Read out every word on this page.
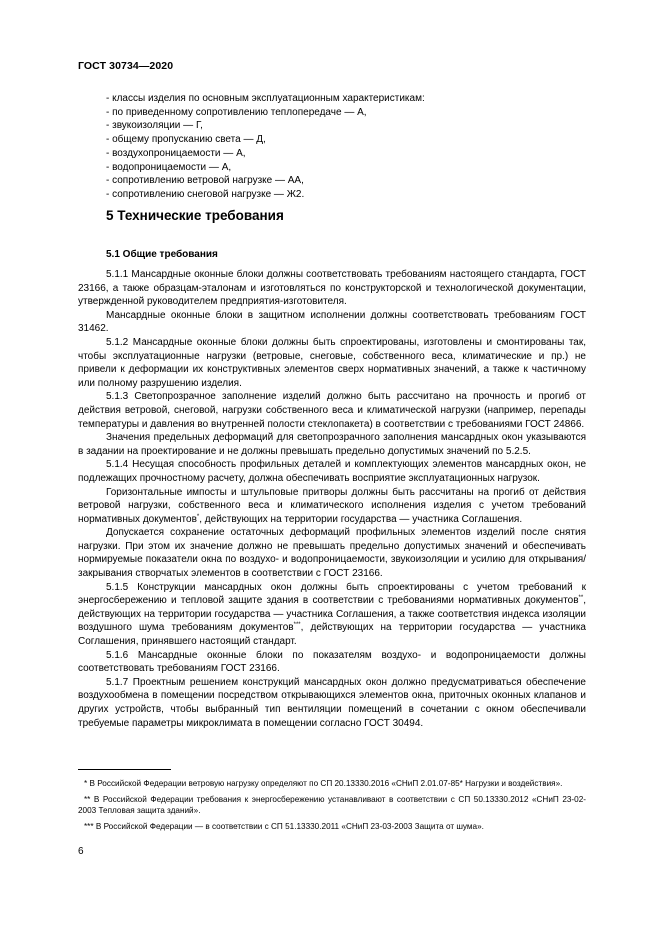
ГОСТ 30734—2020
- классы изделия по основным эксплуатационным характеристикам:
- по приведенному сопротивлению теплопередаче — А,
- звукоизоляции — Г,
- общему пропусканию света — Д,
- воздухопроницаемости — А,
- водопроницаемости — А,
- сопротивлению ветровой нагрузке — АА,
- сопротивлению снеговой нагрузке — Ж2.
5 Технические требования
5.1 Общие требования

5.1.1 Мансардные оконные блоки должны соответствовать требованиям настоящего стандарта, ГОСТ 23166, а также образцам-эталонам и изготовляться по конструкторской и технологической документации, утвержденной руководителем предприятия-изготовителя.

Мансардные оконные блоки в защитном исполнении должны соответствовать требованиям ГОСТ 31462.

5.1.2 Мансардные оконные блоки должны быть спроектированы, изготовлены и смонтированы так, чтобы эксплуатационные нагрузки (ветровые, снеговые, собственного веса, климатические и пр.) не привели к деформации их конструктивных элементов сверх нормативных значений, а также к частичному или полному разрушению изделия.

5.1.3 Светопрозрачное заполнение изделий должно быть рассчитано на прочность и прогиб от действия ветровой, снеговой, нагрузки собственного веса и климатической нагрузки (например, перепады температуры и давления во внутренней полости стеклопакета) в соответствии с требованиями ГОСТ 24866.

Значения предельных деформаций для светопрозрачного заполнения мансардных окон указываются в задании на проектирование и не должны превышать предельно допустимых значений по 5.2.5.

5.1.4 Несущая способность профильных деталей и комплектующих элементов мансардных окон, не подлежащих прочностному расчету, должна обеспечивать восприятие эксплуатационных нагрузок.

Горизонтальные импосты и штульповые притворы должны быть рассчитаны на прогиб от действия ветровой нагрузки, собственного веса и климатического исполнения изделия с учетом требований нормативных документов*, действующих на территории государства — участника Соглашения.

Допускается сохранение остаточных деформаций профильных элементов изделий после снятия нагрузки. При этом их значение должно не превышать предельно допустимых значений и обеспечивать нормируемые показатели окна по воздухо- и водопроницаемости, звукоизоляции и усилию для открывания/закрывания створчатых элементов в соответствии с ГОСТ 23166.

5.1.5 Конструкции мансардных окон должны быть спроектированы с учетом требований к энергосбережению и тепловой защите здания в соответствии с требованиями нормативных документов**, действующих на территории государства — участника Соглашения, а также соответствия индекса изоляции воздушного шума требованиям документов***, действующих на территории государства — участника Соглашения, принявшего настоящий стандарт.

5.1.6 Мансардные оконные блоки по показателям воздухо- и водопроницаемости должны соответствовать требованиям ГОСТ 23166.

5.1.7 Проектным решением конструкций мансардных окон должно предусматриваться обеспечение воздухообмена в помещении посредством открывающихся элементов окна, приточных оконных клапанов и других устройств, чтобы выбранный тип вентиляции помещений в сочетании с окном обеспечивали требуемые параметры микроклимата в помещении согласно ГОСТ 30494.

* В Российской Федерации ветровую нагрузку определяют по СП 20.13330.2016 «СНиП 2.01.07-85* Нагрузки и воздействия».

** В Российской Федерации требования к энергосбережению устанавливают в соответствии с СП 50.13330.2012 «СНиП 23-02-2003 Тепловая защита зданий».

*** В Российской Федерации — в соответствии с СП 51.13330.2011 «СНиП 23-03-2003 Защита от шума».

6
